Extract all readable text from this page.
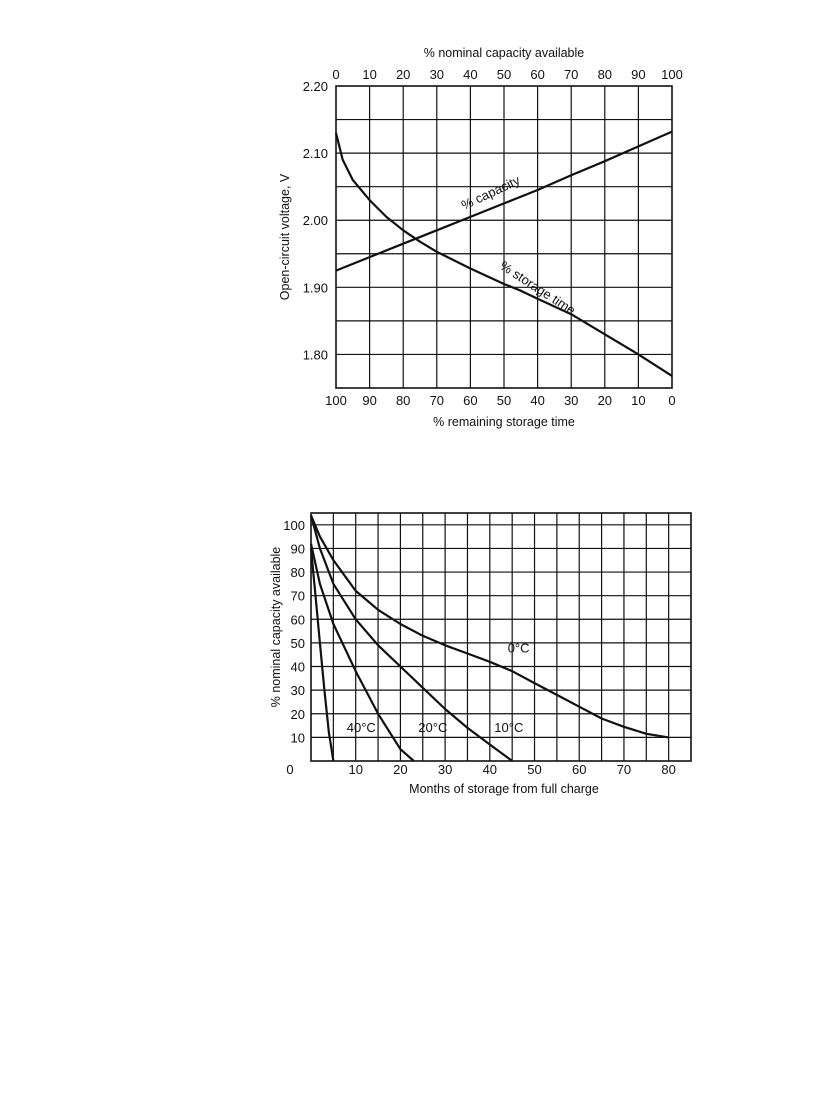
% nominal capacity available
0 10 20 30 40 50 60 70 80 90 100
100 90 80 70 60 50 40 30 20 10 0
2.20
2.10
2.00
1.90
1.80
% remaining storage time
Open-circuit voltage, V	% capacity
% storage time
10 20 30 40 50 60 70 80
100
90
80
70
60
50
40
30
20
10
0
Months of storage from full charge
% nominal capacity available	0°C
10°C
20°C
40°C
